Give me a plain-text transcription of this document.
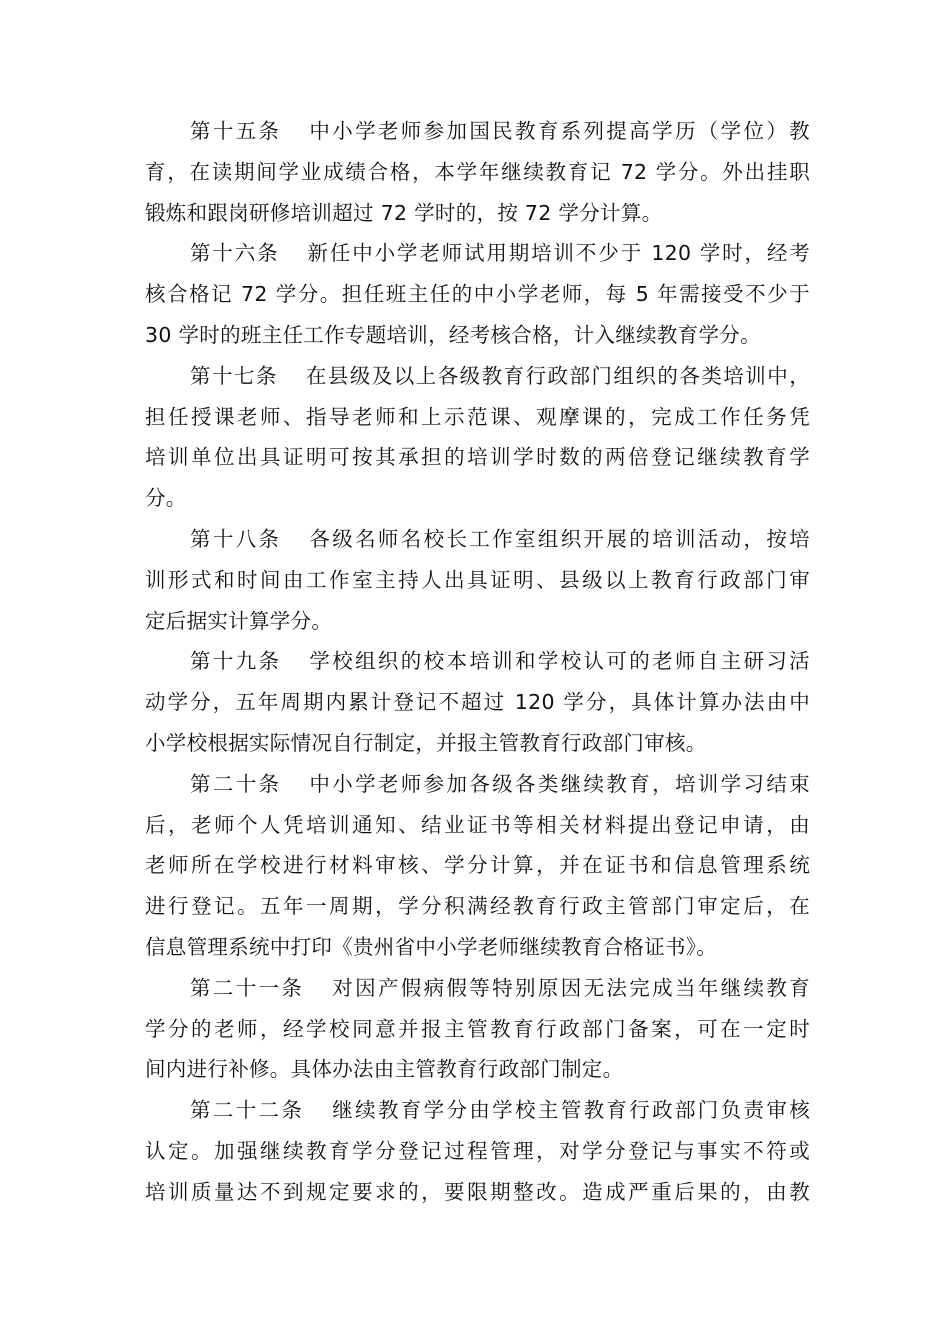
第十五条 中小学老师参加国民教育系列提高学历（学位）教
育，在读期间学业成绩合格，本学年继续教育记 72 学分。外出挂职
锻炼和跟岗研修培训超过 72 学时的，按 72 学分计算。

第十六条 新任中小学老师试用期培训不少于 120 学时，经考
核合格记 72 学分。担任班主任的中小学老师，每 5 年需接受不少于
30 学时的班主任工作专题培训，经考核合格，计入继续教育学分。

第十七条 在县级及以上各级教育行政部门组织的各类培训中，
担任授课老师、指导老师和上示范课、观摩课的，完成工作任务凭
培训单位出具证明可按其承担的培训学时数的两倍登记继续教育学
分。

第十八条 各级名师名校长工作室组织开展的培训活动，按培
训形式和时间由工作室主持人出具证明、县级以上教育行政部门审
定后据实计算学分。

第十九条 学校组织的校本培训和学校认可的老师自主研习活
动学分，五年周期内累计登记不超过 120 学分，具体计算办法由中
小学校根据实际情况自行制定，并报主管教育行政部门审核。

第二十条 中小学老师参加各级各类继续教育，培训学习结束
后，老师个人凭培训通知、结业证书等相关材料提出登记申请，由
老师所在学校进行材料审核、学分计算，并在证书和信息管理系统
进行登记。五年一周期，学分积满经教育行政主管部门审定后，在
信息管理系统中打印《贵州省中小学老师继续教育合格证书》。

第二十一条 对因产假病假等特别原因无法完成当年继续教育
学分的老师，经学校同意并报主管教育行政部门备案，可在一定时
间内进行补修。具体办法由主管教育行政部门制定。

第二十二条 继续教育学分由学校主管教育行政部门负责审核
认定。加强继续教育学分登记过程管理，对学分登记与事实不符或
培训质量达不到规定要求的，要限期整改。造成严重后果的，由教
